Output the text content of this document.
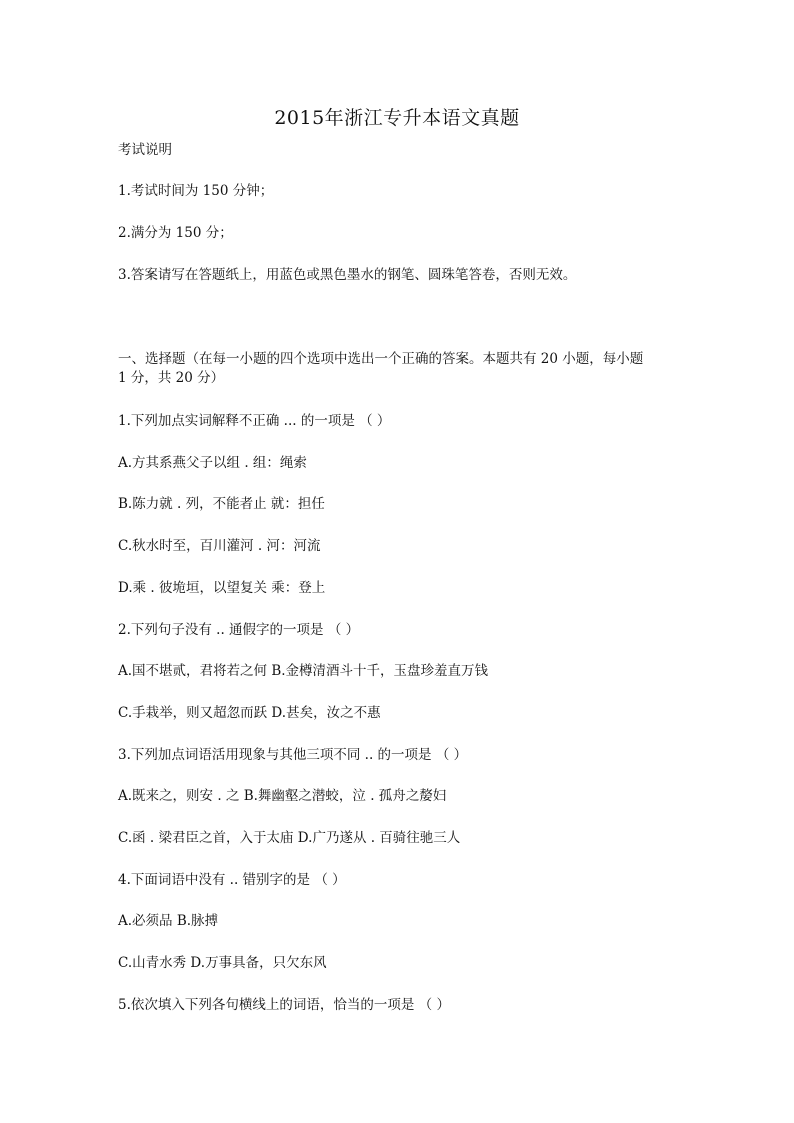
2015年浙江专升本语文真题
考试说明
1.考试时间为 150 分钟；
2.满分为 150 分；
3.答案请写在答题纸上，用蓝色或黑色墨水的钢笔、圆珠笔答卷，否则无效。
一、选择题（在每一小题的四个选项中选出一个正确的答案。本题共有 20 小题，每小题
1 分，共 20 分）
1.下列加点实词解释不正确 ... 的一项是 （ ）
A.方其系燕父子以组 . 组：绳索
B.陈力就 . 列，不能者止 就：担任
C.秋水时至，百川灌河 . 河：河流
D.乘 . 彼垝垣，以望复关 乘：登上
2.下列句子没有 .. 通假字的一项是 （ ）
A.国不堪贰，君将若之何 B.金樽清酒斗十千，玉盘珍羞直万钱
C.手栽举，则又超忽而跃 D.甚矣，汝之不惠
3.下列加点词语活用现象与其他三项不同 .. 的一项是 （ ）
A.既来之，则安 . 之 B.舞幽壑之潜蛟，泣 . 孤舟之嫠妇
C.函 . 梁君臣之首，入于太庙 D.广乃遂从 . 百骑往驰三人
4.下面词语中没有 .. 错别字的是 （ ）
A.必须品 B.脉搏
C.山青水秀 D.万事具备，只欠东风
5.依次填入下列各句横线上的词语，恰当的一项是 （ ）
